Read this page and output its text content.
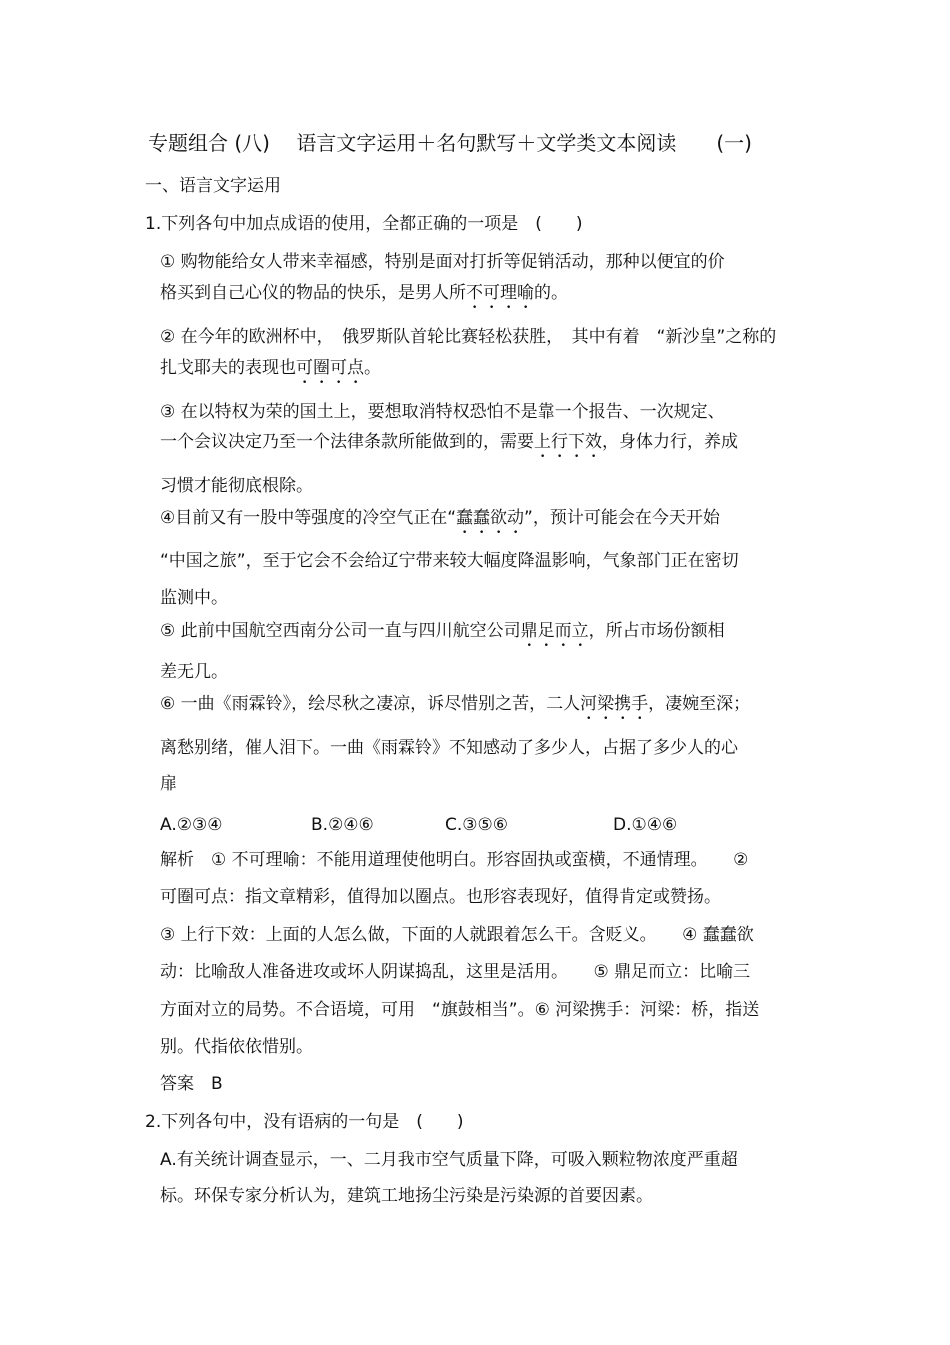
专题组合 (八)　 语言文字运用＋名句默写＋文学类文本阅读　　(一)
一、语言文字运用
1.下列各句中加点成语的使用，全都正确的一项是　(　　)
① 购物能给女人带来幸福感，特别是面对打折等促销活动，那种以便宜的价
格买到自己心仪的物品的快乐，是男人所不可理喻的。
② 在今年的欧洲杯中，　俄罗斯队首轮比赛轻松获胜，　其中有着　“新沙皇”之称的
扎戈耶夫的表现也可圈可点。
③ 在以特权为荣的国土上，要想取消特权恐怕不是靠一个报告、一次规定、
一个会议决定乃至一个法律条款所能做到的，需要上行下效，身体力行，养成
习惯才能彻底根除。
④目前又有一股中等强度的冷空气正在“蠢蠢欲动”，预计可能会在今天开始
“中国之旅”，至于它会不会给辽宁带来较大幅度降温影响，气象部门正在密切
监测中。
⑤ 此前中国航空西南分公司一直与四川航空公司鼎足而立，所占市场份额相
差无几。
⑥ 一曲《雨霖铃》，绘尽秋之凄凉，诉尽惜别之苦，二人河梁携手，凄婉至深；
离愁别绪，催人泪下。一曲《雨霖铃》不知感动了多少人，占据了多少人的心
扉
A.②③④	B.②④⑥	C.③⑤⑥	D.①④⑥
解析　① 不可理喻：不能用道理使他明白。形容固执或蛮横，不通情理。　　②
可圈可点：指文章精彩，值得加以圈点。也形容表现好，值得肯定或赞扬。
③ 上行下效：上面的人怎么做，下面的人就跟着怎么干。含贬义。　　④ 蠢蠢欲
动：比喻敌人准备进攻或坏人阴谋捣乱，这里是活用。　　⑤ 鼎足而立：比喻三
方面对立的局势。不合语境，可用　“旗鼓相当”。⑥ 河梁携手：河梁：桥，指送
别。代指依依惜别。
答案　B
2.下列各句中，没有语病的一句是　(　　)
A.有关统计调查显示，一、二月我市空气质量下降，可吸入颗粒物浓度严重超
标。环保专家分析认为，建筑工地扬尘污染是污染源的首要因素。
